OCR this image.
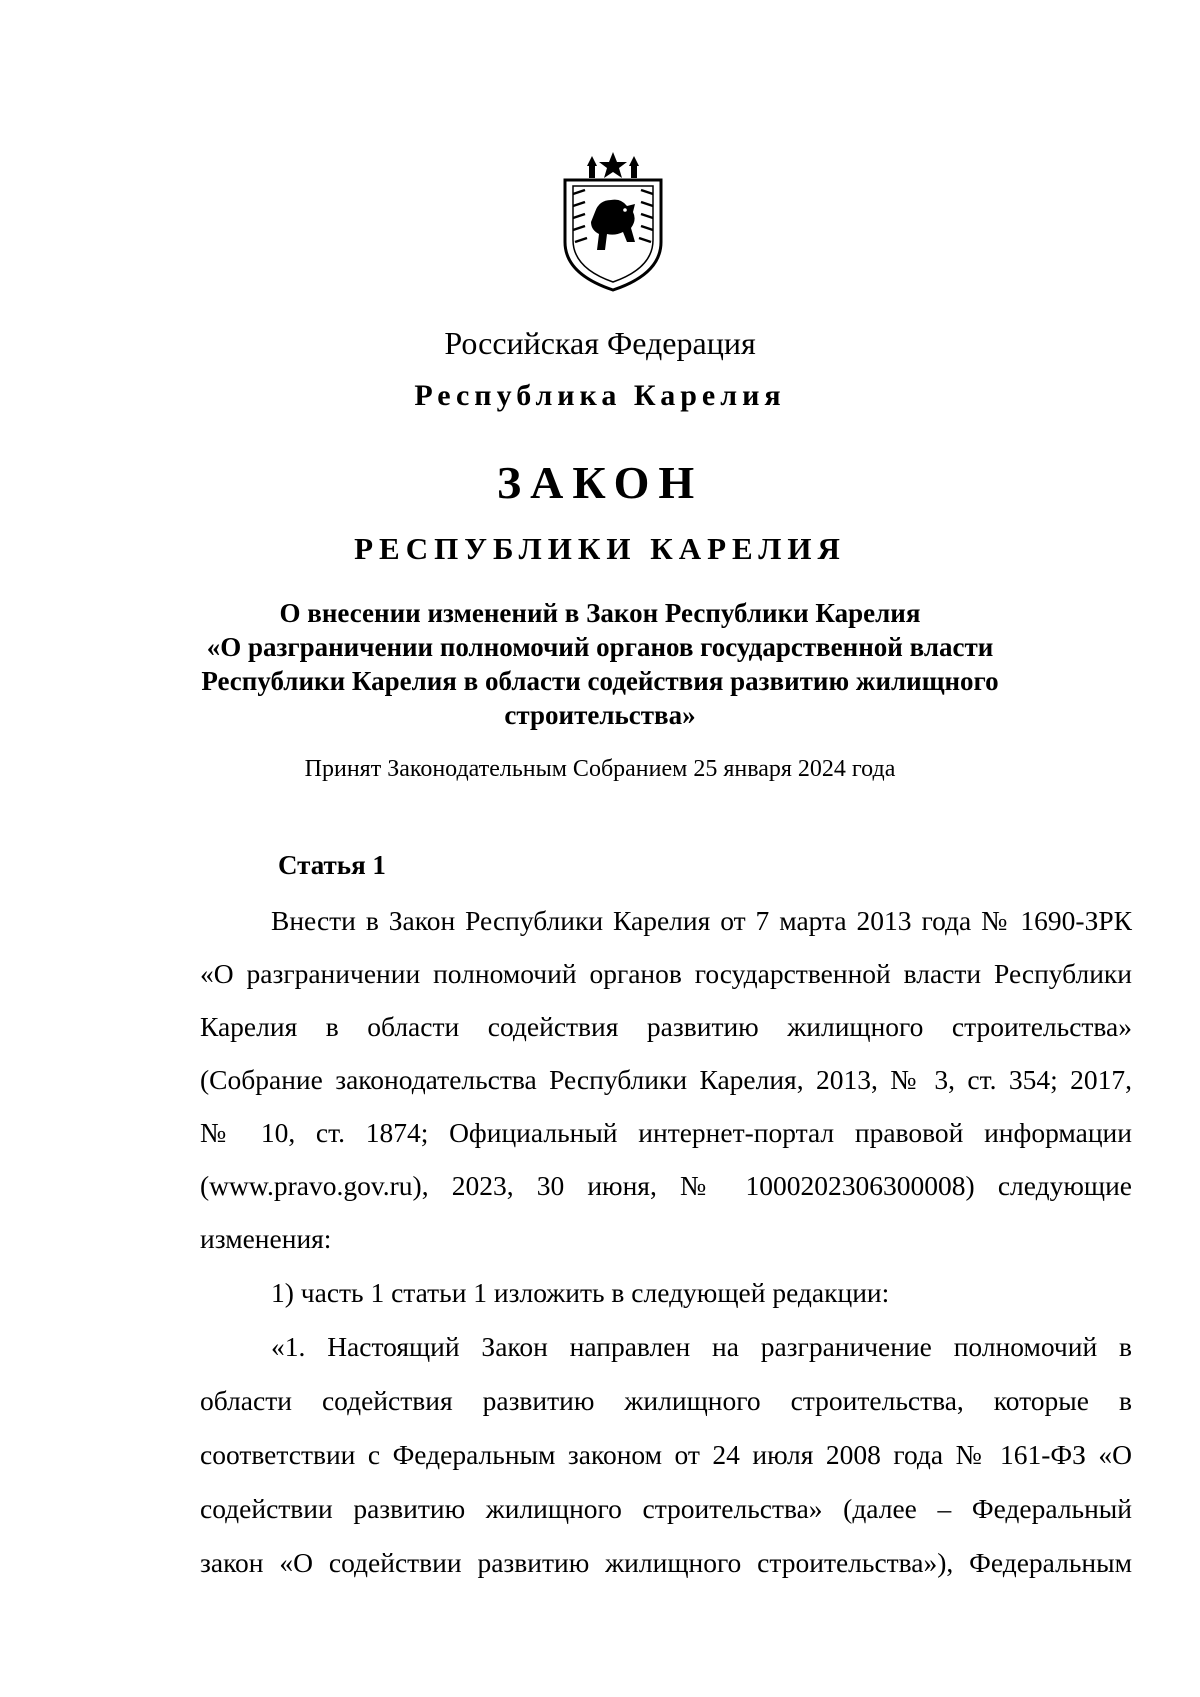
Российская Федерация
Республика Карелия
ЗАКОН
РЕСПУБЛИКИ КАРЕЛИЯ
О внесении изменений в Закон Республики Карелия
«О разграничении полномочий органов государственной власти
Республики Карелия в области содействия развитию жилищного
строительства»
Принят Законодательным Собранием 25 января 2024 года
Статья 1
Внести в Закон Республики Карелия от 7 марта 2013 года № 1690-ЗРК
«О разграничении полномочий органов государственной власти Республики
Карелия в области содействия развитию жилищного строительства»
(Собрание законодательства Республики Карелия, 2013, № 3, ст. 354; 2017,
№ 10, ст. 1874; Официальный интернет-портал правовой информации
(www.pravo.gov.ru), 2023, 30 июня, № 1000202306300008) следующие
изменения:
1) часть 1 статьи 1 изложить в следующей редакции:
«1. Настоящий Закон направлен на разграничение полномочий в
области содействия развитию жилищного строительства, которые в
соответствии с Федеральным законом от 24 июля 2008 года № 161-ФЗ «О
содействии развитию жилищного строительства» (далее – Федеральный
закон «О содействии развитию жилищного строительства»), Федеральным
